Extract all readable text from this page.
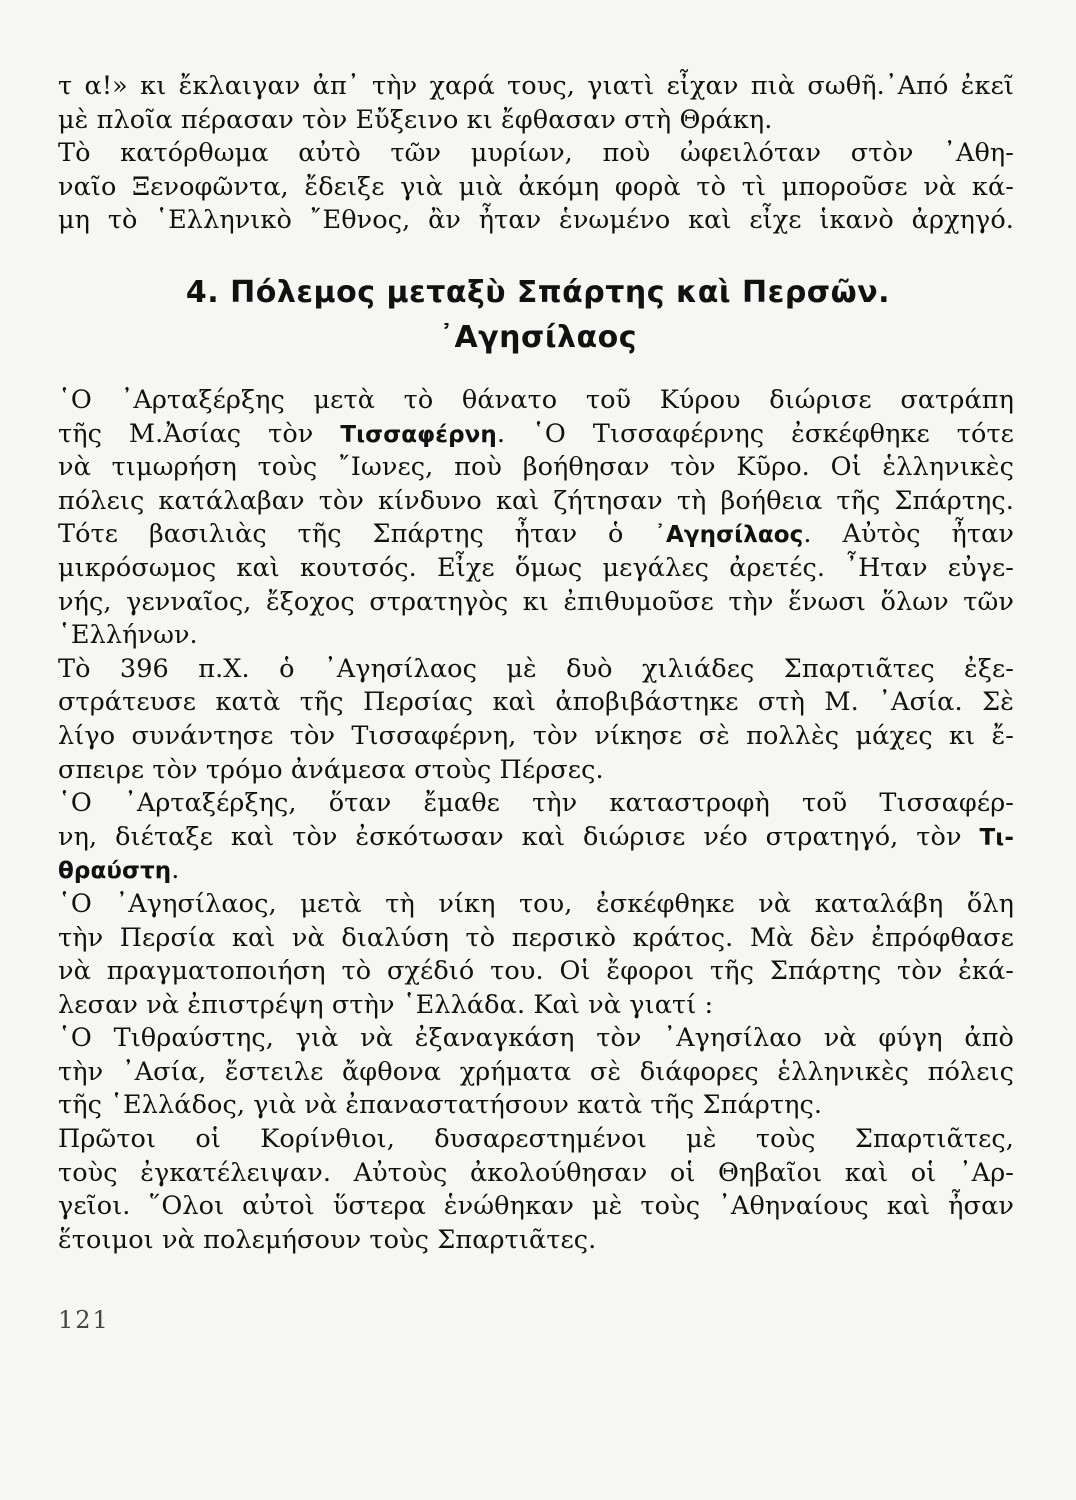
τ α!» κι ἔκλαιγαν ἀπ᾽ τὴν χαρά τους, γιατὶ εἶχαν πιὰ σωθῆ.᾽Από ἐκεῖ
μὲ πλοῖα πέρασαν τὸν Εὔξεινο κι ἔφθασαν στὴ Θράκη.
Τὸ κατόρθωμα αὐτὸ τῶν μυρίων, ποὺ ὠφειλόταν στὸν ᾽Αθη-
ναῖο Ξενοφῶντα, ἔδειξε γιὰ μιὰ ἀκόμη φορὰ τὸ τὶ μποροῦσε νὰ κά-
μη τὸ ῾Ελληνικὸ ῎Εθνος, ἂν ἦταν ἑνωμένο καὶ εἶχε ἱκανὸ ἀρχηγό.
4. Πόλεμος μεταξὺ Σπάρτης καὶ Περσῶν.
᾽Αγησίλαος
῾Ο ᾽Αρταξέρξης μετὰ τὸ θάνατο τοῦ Κύρου διώρισε σατράπη
τῆς Μ.Ἀσίας τὸν Τισσαφέρνη. ῾Ο Τισσαφέρνης ἐσκέφθηκε τότε
νὰ τιμωρήση τοὺς ῎Ιωνες, ποὺ βοήθησαν τὸν Κῦρο. Οἱ ἑλληνικὲς
πόλεις κατάλαβαν τὸν κίνδυνο καὶ ζήτησαν τὴ βοήθεια τῆς Σπάρτης.
Τότε βασιλιὰς τῆς Σπάρτης ἦταν ὁ ᾽Αγησίλαος. Αὐτὸς ἦταν
μικρόσωμος καὶ κουτσός. Εἶχε ὅμως μεγάλες ἀρετές. ῏Ηταν εὐγε-
νής, γενναῖος, ἔξοχος στρατηγὸς κι ἐπιθυμοῦσε τὴν ἕνωσι ὅλων τῶν
῾Ελλήνων.
Τὸ 396 π.Χ. ὁ ᾽Αγησίλαος μὲ δυὸ χιλιάδες Σπαρτιᾶτες ἐξε-
στράτευσε κατὰ τῆς Περσίας καὶ ἀποβιβάστηκε στὴ Μ. ᾽Ασία. Σὲ
λίγο συνάντησε τὸν Τισσαφέρνη, τὸν νίκησε σὲ πολλὲς μάχες κι ἔ-
σπειρε τὸν τρόμο ἀνάμεσα στοὺς Πέρσες.
῾Ο ᾽Αρταξέρξης, ὅταν ἔμαθε τὴν καταστροφὴ τοῦ Τισσαφέρ-
νη, διέταξε καὶ τὸν ἐσκότωσαν καὶ διώρισε νέο στρατηγό, τὸν Τι-
θραύστη.
῾Ο ᾽Αγησίλαος, μετὰ τὴ νίκη του, ἐσκέφθηκε νὰ καταλάβη ὅλη
τὴν Περσία καὶ νὰ διαλύση τὸ περσικὸ κράτος. Μὰ δὲν ἐπρόφθασε
νὰ πραγματοποιήση τὸ σχέδιό του. Οἱ ἔφοροι τῆς Σπάρτης τὸν ἐκά-
λεσαν νὰ ἐπιστρέψη στὴν ῾Ελλάδα. Καὶ νὰ γιατί :
῾Ο Τιθραύστης, γιὰ νὰ ἐξαναγκάση τὸν ᾽Αγησίλαο νὰ φύγη ἀπὸ
τὴν ᾽Ασία, ἔστειλε ἄφθονα χρήματα σὲ διάφορες ἑλληνικὲς πόλεις
τῆς ῾Ελλάδος, γιὰ νὰ ἐπαναστατήσουν κατὰ τῆς Σπάρτης.
Πρῶτοι οἱ Κορίνθιοι, δυσαρεστημένοι μὲ τοὺς Σπαρτιᾶτες,
τοὺς ἐγκατέλειψαν. Αὐτοὺς ἀκολούθησαν οἱ Θηβαῖοι καὶ οἱ ᾽Αρ-
γεῖοι. ῞Ολοι αὐτοὶ ὕστερα ἑνώθηκαν μὲ τοὺς ᾽Αθηναίους καὶ ἦσαν
ἕτοιμοι νὰ πολεμήσουν τοὺς Σπαρτιᾶτες.
121
